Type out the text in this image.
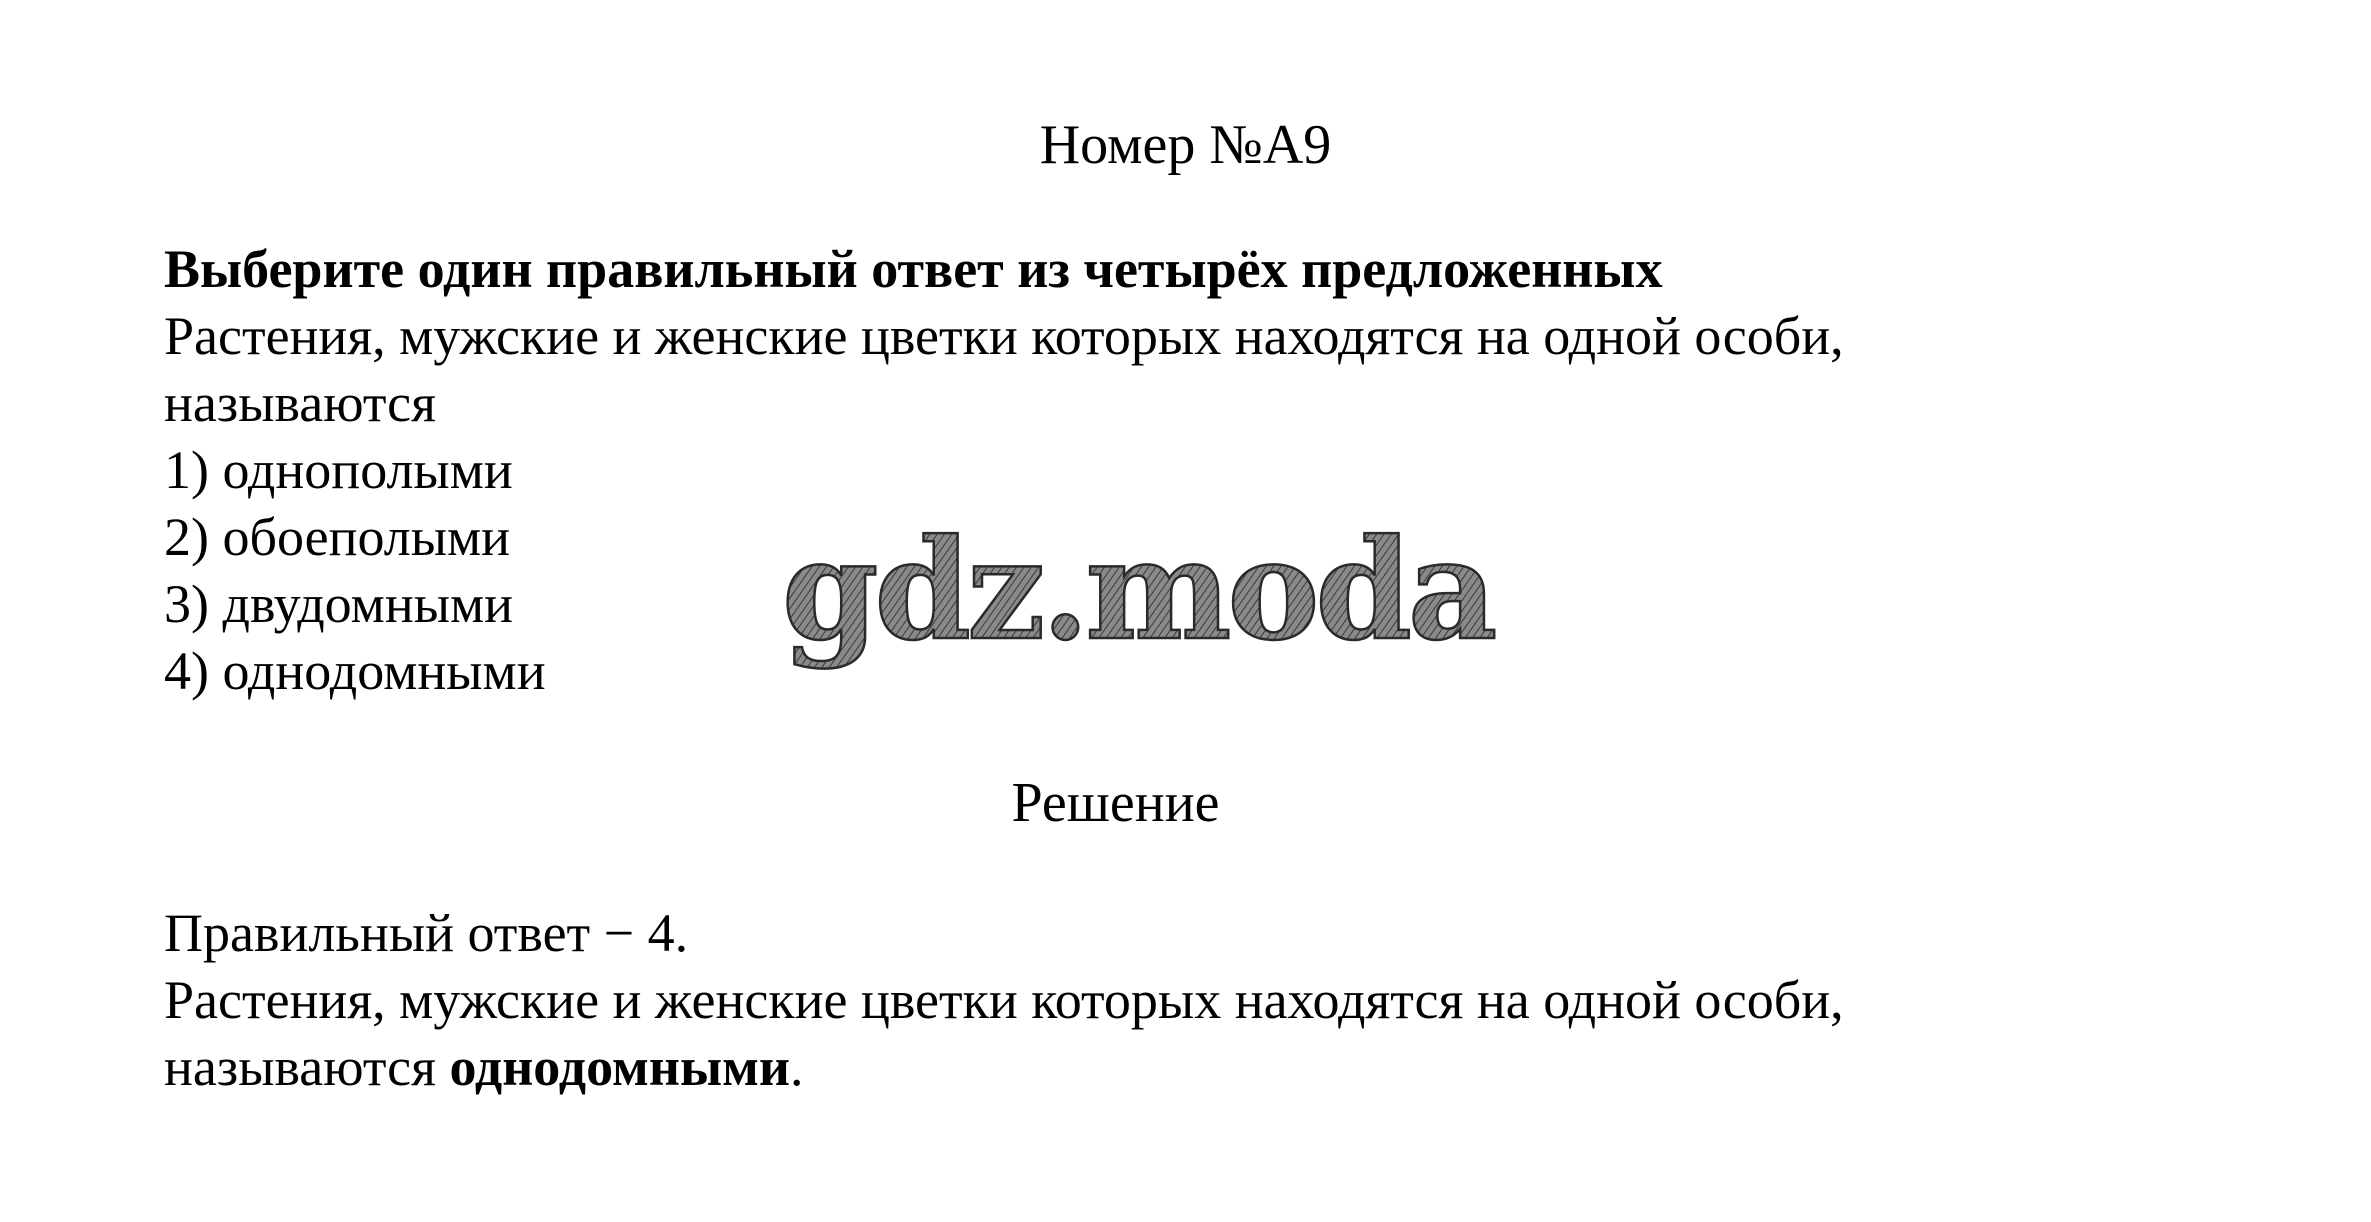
Номер №A9
Выберите один правильный ответ из четырёх предложенных
Растения, мужские и женские цветки которых находятся на одной особи,
называются
1) однополыми
2) обоеполыми
3) двудомными
4) однодомными	gdz.moda
Решение
Правильный ответ − 4.
Растения, мужские и женские цветки которых находятся на одной особи,
называются однодомными.
